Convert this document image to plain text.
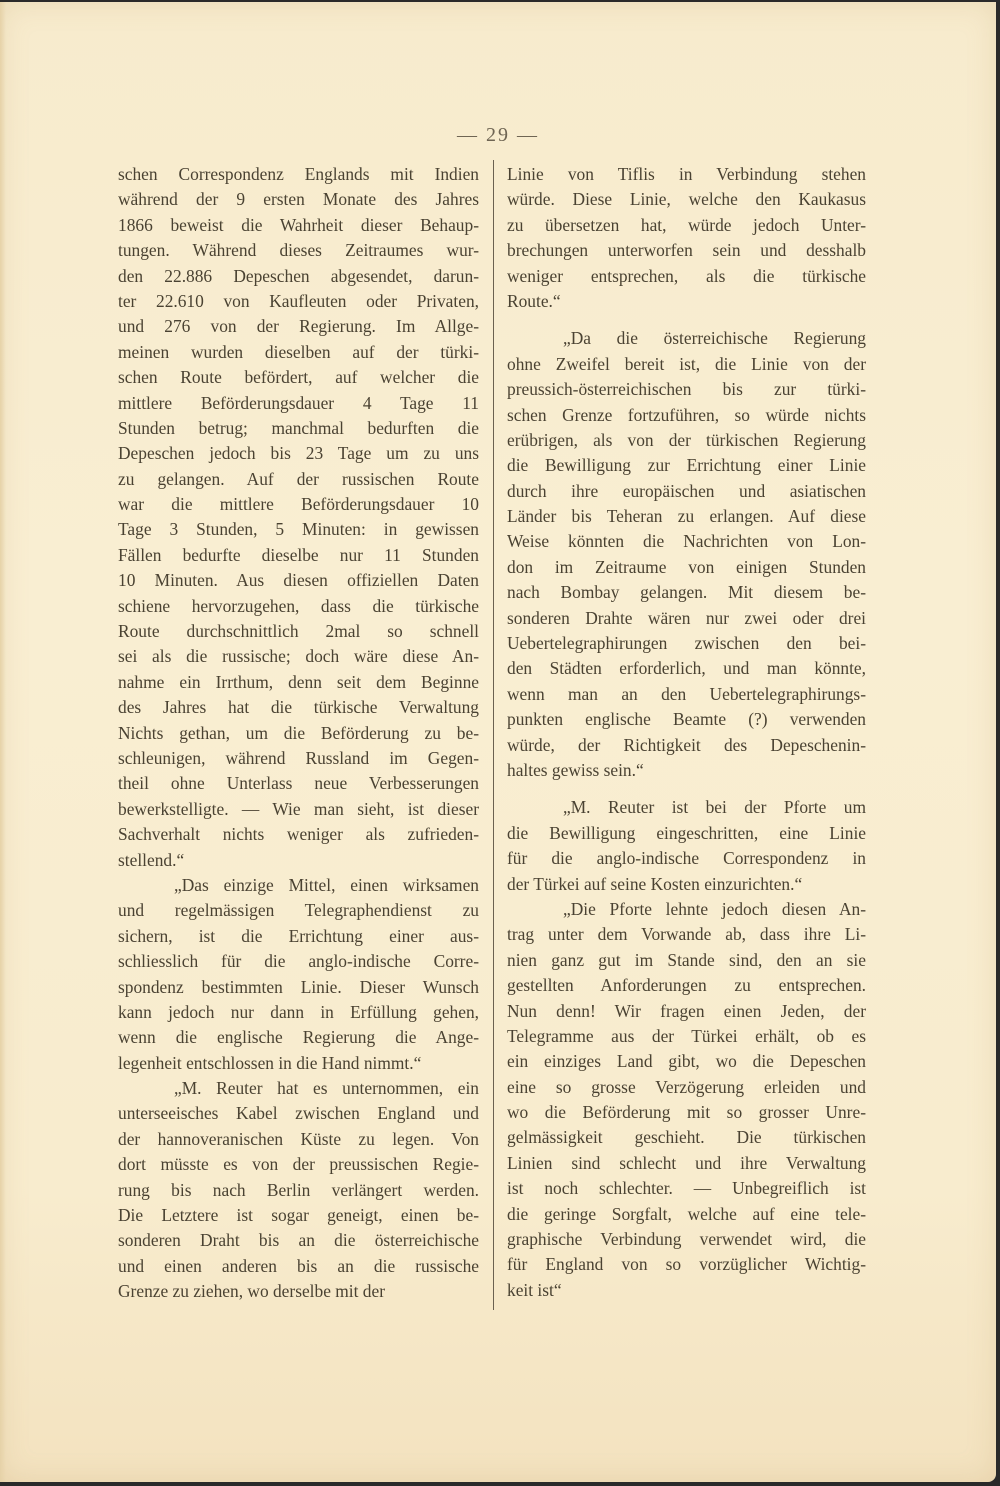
— 29 —
schen Correspondenz Englands mit Indien
während der 9 ersten Monate des Jahres
1866 beweist die Wahrheit dieser Behaup-
tungen. Während dieses Zeitraumes wur-
den 22.886 Depeschen abgesendet, darun-
ter 22.610 von Kaufleuten oder Privaten,
und 276 von der Regierung. Im Allge-
meinen wurden dieselben auf der türki-
schen Route befördert, auf welcher die
mittlere Beförderungsdauer 4 Tage 11
Stunden betrug; manchmal bedurften die
Depeschen jedoch bis 23 Tage um zu uns
zu gelangen. Auf der russischen Route
war die mittlere Beförderungsdauer 10
Tage 3 Stunden, 5 Minuten: in gewissen
Fällen bedurfte dieselbe nur 11 Stunden
10 Minuten. Aus diesen offiziellen Daten
schiene hervorzugehen, dass die türkische
Route durchschnittlich 2mal so schnell
sei als die russische; doch wäre diese An-
nahme ein Irrthum, denn seit dem Beginne
des Jahres hat die türkische Verwaltung
Nichts gethan, um die Beförderung zu be-
schleunigen, während Russland im Gegen-
theil ohne Unterlass neue Verbesserungen
bewerkstelligte. — Wie man sieht, ist dieser
Sachverhalt nichts weniger als zufrieden-
stellend.“
„Das einzige Mittel, einen wirksamen
und regelmässigen Telegraphendienst zu
sichern, ist die Errichtung einer aus-
schliesslich für die anglo-indische Corre-
spondenz bestimmten Linie. Dieser Wunsch
kann jedoch nur dann in Erfüllung gehen,
wenn die englische Regierung die Ange-
legenheit entschlossen in die Hand nimmt.“
„M. Reuter hat es unternommen, ein
unterseeisches Kabel zwischen England und
der hannoveranischen Küste zu legen. Von
dort müsste es von der preussischen Regie-
rung bis nach Berlin verlängert werden.
Die Letztere ist sogar geneigt, einen be-
sonderen Draht bis an die österreichische
und einen anderen bis an die russische
Grenze zu ziehen, wo derselbe mit der
Linie von Tiflis in Verbindung stehen
würde. Diese Linie, welche den Kaukasus
zu übersetzen hat, würde jedoch Unter-
brechungen unterworfen sein und desshalb
weniger entsprechen, als die türkische
Route.“
„Da die österreichische Regierung
ohne Zweifel bereit ist, die Linie von der
preussich-österreichischen bis zur türki-
schen Grenze fortzuführen, so würde nichts
erübrigen, als von der türkischen Regierung
die Bewilligung zur Errichtung einer Linie
durch ihre europäischen und asiatischen
Länder bis Teheran zu erlangen. Auf diese
Weise könnten die Nachrichten von Lon-
don im Zeitraume von einigen Stunden
nach Bombay gelangen. Mit diesem be-
sonderen Drahte wären nur zwei oder drei
Uebertelegraphirungen zwischen den bei-
den Städten erforderlich, und man könnte,
wenn man an den Uebertelegraphirungs-
punkten englische Beamte (?) verwenden
würde, der Richtigkeit des Depeschenin-
haltes gewiss sein.“
„M. Reuter ist bei der Pforte um
die Bewilligung eingeschritten, eine Linie
für die anglo-indische Correspondenz in
der Türkei auf seine Kosten einzurichten.“
„Die Pforte lehnte jedoch diesen An-
trag unter dem Vorwande ab, dass ihre Li-
nien ganz gut im Stande sind, den an sie
gestellten Anforderungen zu entsprechen.
Nun denn! Wir fragen einen Jeden, der
Telegramme aus der Türkei erhält, ob es
ein einziges Land gibt, wo die Depeschen
eine so grosse Verzögerung erleiden und
wo die Beförderung mit so grosser Unre-
gelmässigkeit geschieht. Die türkischen
Linien sind schlecht und ihre Verwaltung
ist noch schlechter. — Unbegreiflich ist
die geringe Sorgfalt, welche auf eine tele-
graphische Verbindung verwendet wird, die
für England von so vorzüglicher Wichtig-
keit ist“
